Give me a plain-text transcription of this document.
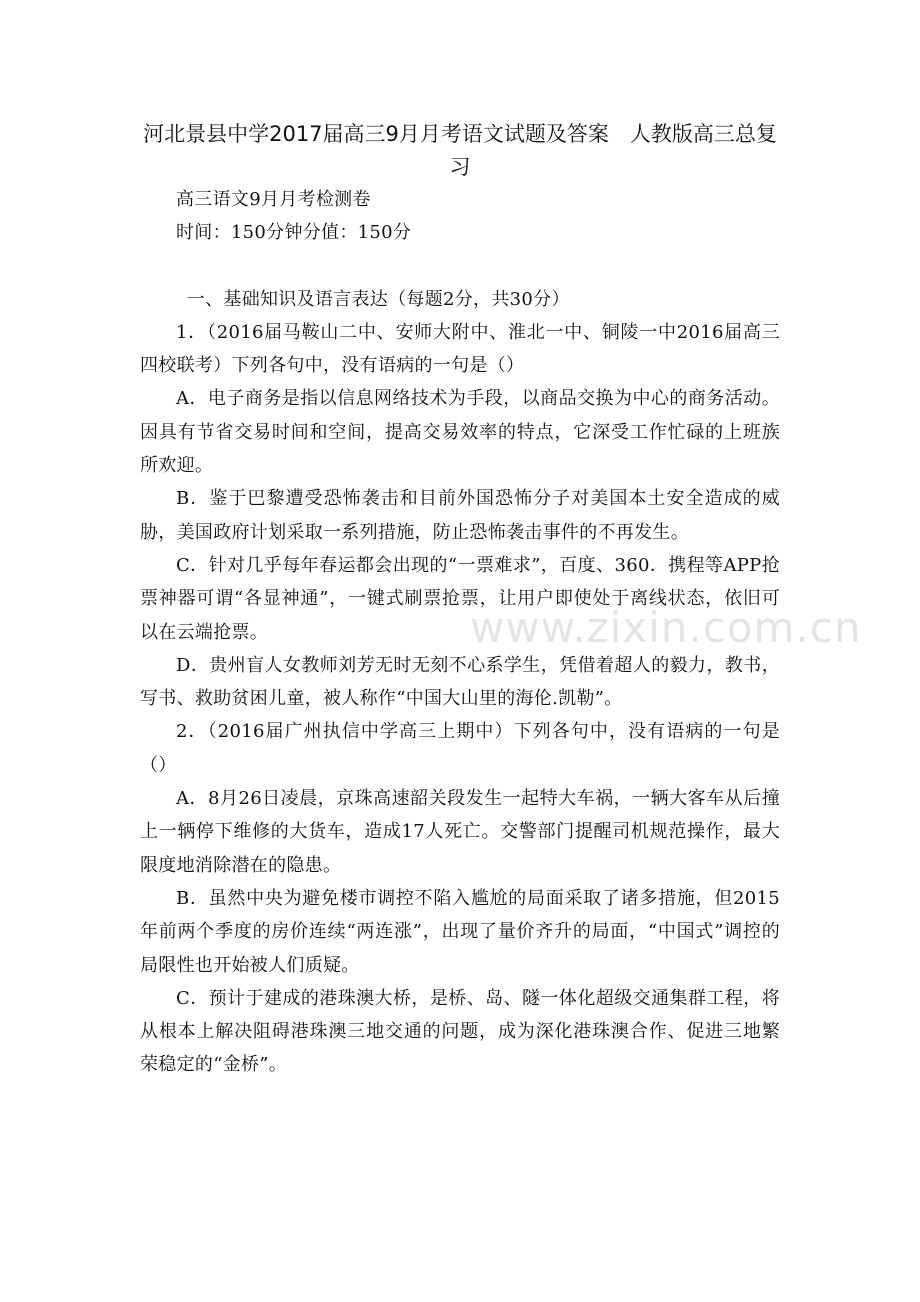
河北景县中学2017届高三9月月考语文试题及答案　人教版高三总复习

高三语文9月月考检测卷

时间：150分钟分值：150分

一、基础知识及语言表达（每题2分，共30分）

1．（2016届马鞍山二中、安师大附中、淮北一中、铜陵一中2016届高三四校联考）下列各句中，没有语病的一句是（）

A．电子商务是指以信息网络技术为手段，以商品交换为中心的商务活动。因具有节省交易时间和空间，提高交易效率的特点，它深受工作忙碌的上班族所欢迎。

B．鉴于巴黎遭受恐怖袭击和目前外国恐怖分子对美国本土安全造成的威胁，美国政府计划采取一系列措施，防止恐怖袭击事件的不再发生。

C．针对几乎每年春运都会出现的“一票难求”，百度、360．携程等APP抢票神器可谓“各显神通”，一键式刷票抢票，让用户即使处于离线状态，依旧可以在云端抢票。

D．贵州盲人女教师刘芳无时无刻不心系学生，凭借着超人的毅力，教书，写书、救助贫困儿童，被人称作“中国大山里的海伦.凯勒”。

2．（2016届广州执信中学高三上期中）下列各句中，没有语病的一句是（）

A．8月26日凌晨，京珠高速韶关段发生一起特大车祸，一辆大客车从后撞上一辆停下维修的大货车，造成17人死亡。交警部门提醒司机规范操作，最大限度地消除潜在的隐患。

B．虽然中央为避免楼市调控不陷入尴尬的局面采取了诸多措施，但2015年前两个季度的房价连续“两连涨”，出现了量价齐升的局面，“中国式”调控的局限性也开始被人们质疑。

C．预计于建成的港珠澳大桥，是桥、岛、隧一体化超级交通集群工程，将从根本上解决阻碍港珠澳三地交通的问题，成为深化港珠澳合作、促进三地繁荣稳定的“金桥”。

www.zixin.com.cn
